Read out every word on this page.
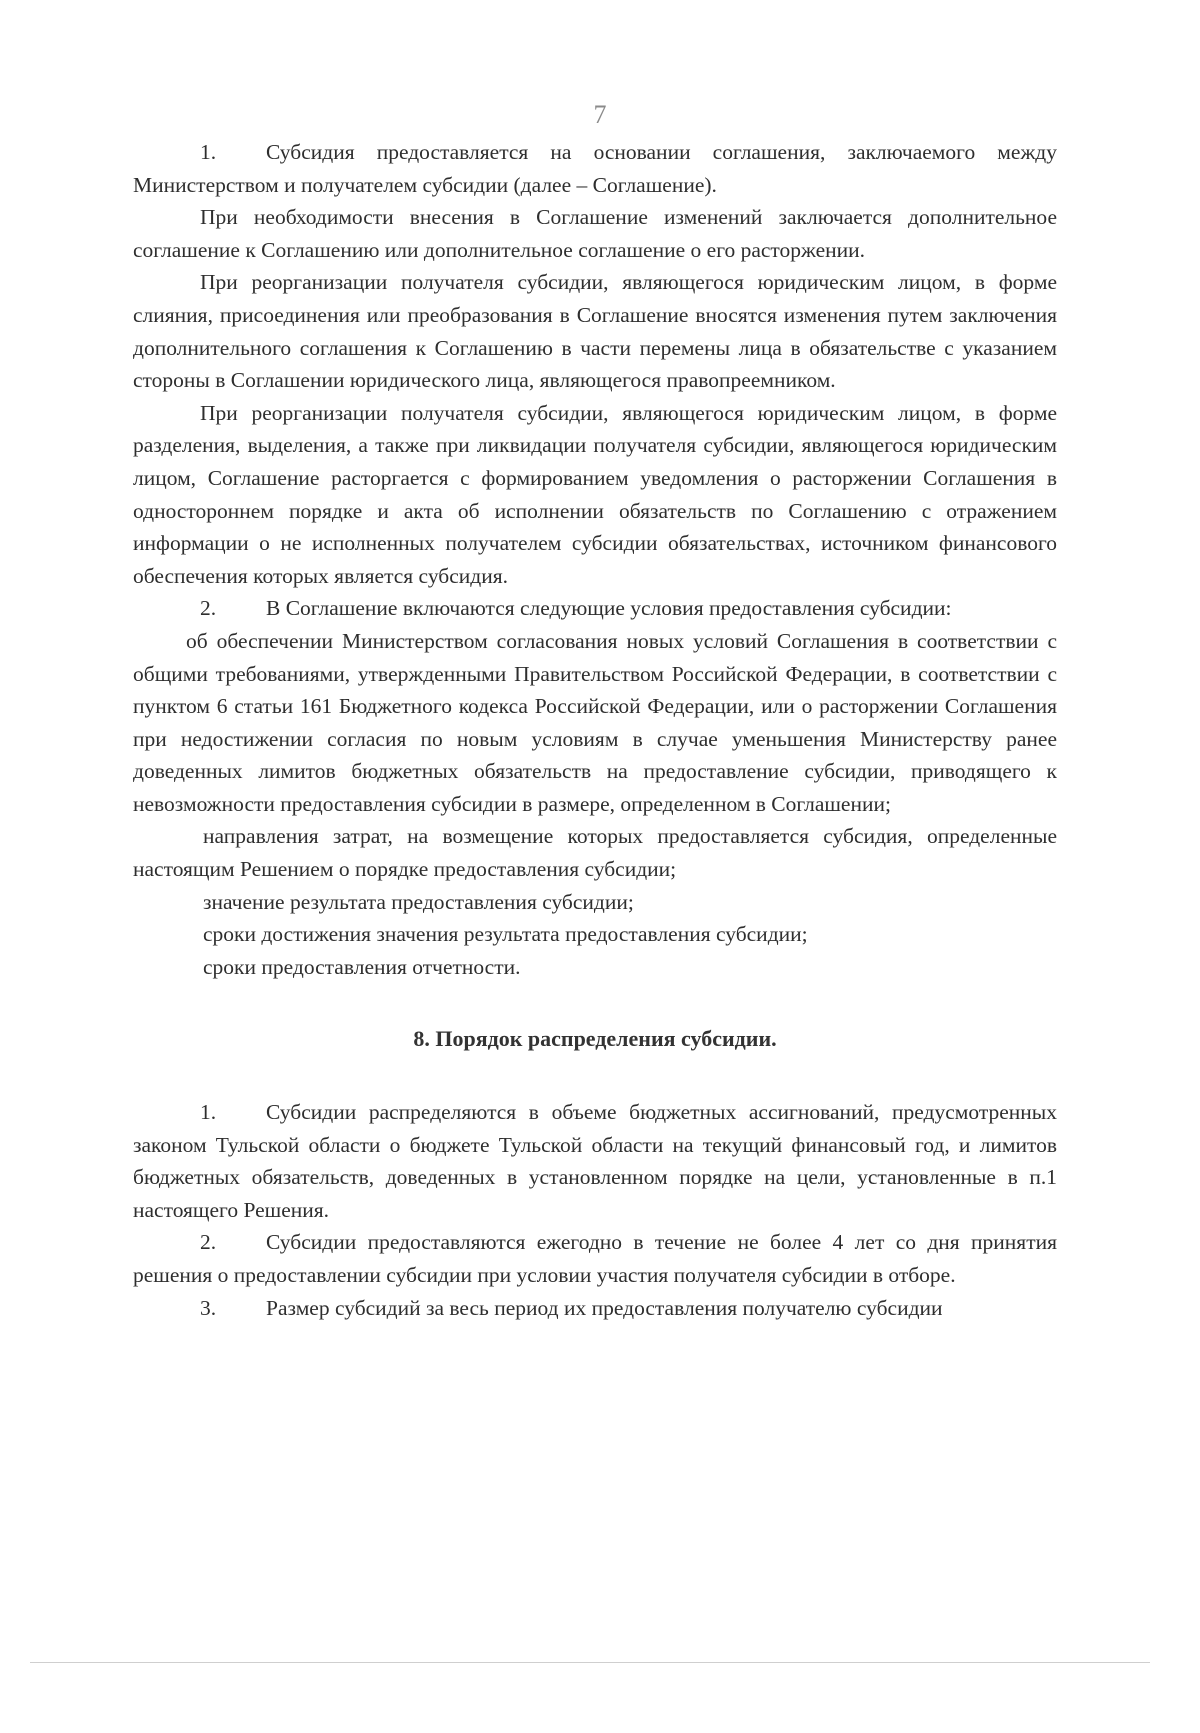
7

1. Субсидия предоставляется на основании соглашения, заключаемого между Министерством и получателем субсидии (далее – Соглашение).

При необходимости внесения в Соглашение изменений заключается дополнительное соглашение к Соглашению или дополнительное соглашение о его расторжении.

При реорганизации получателя субсидии, являющегося юридическим лицом, в форме слияния, присоединения или преобразования в Соглашение вносятся изменения путем заключения дополнительного соглашения к Соглашению в части перемены лица в обязательстве с указанием стороны в Соглашении юридического лица, являющегося правопреемником.

При реорганизации получателя субсидии, являющегося юридическим лицом, в форме разделения, выделения, а также при ликвидации получателя субсидии, являющегося юридическим лицом, Соглашение расторгается с формированием уведомления о расторжении Соглашения в одностороннем порядке и акта об исполнении обязательств по Соглашению с отражением информации о не исполненных получателем субсидии обязательствах, источником финансового обеспечения которых является субсидия.

2. В Соглашение включаются следующие условия предоставления субсидии:

об обеспечении Министерством согласования новых условий Соглашения в соответствии с общими требованиями, утвержденными Правительством Российской Федерации, в соответствии с пунктом 6 статьи 161 Бюджетного кодекса Российской Федерации, или о расторжении Соглашения при недостижении согласия по новым условиям в случае уменьшения Министерству ранее доведенных лимитов бюджетных обязательств на предоставление субсидии, приводящего к невозможности предоставления субсидии в размере, определенном в Соглашении;

направления затрат, на возмещение которых предоставляется субсидия, определенные настоящим Решением о порядке предоставления субсидии;

значение результата предоставления субсидии;

сроки достижения значения результата предоставления субсидии;

сроки предоставления отчетности.

8. Порядок распределения субсидии.

1. Субсидии распределяются в объеме бюджетных ассигнований, предусмотренных законом Тульской области о бюджете Тульской области на текущий финансовый год, и лимитов бюджетных обязательств, доведенных в установленном порядке на цели, установленные в п.1 настоящего Решения.

2. Субсидии предоставляются ежегодно в течение не более 4 лет со дня принятия решения о предоставлении субсидии при условии участия получателя субсидии в отборе.

3. Размер субсидий за весь период их предоставления получателю субсидии
